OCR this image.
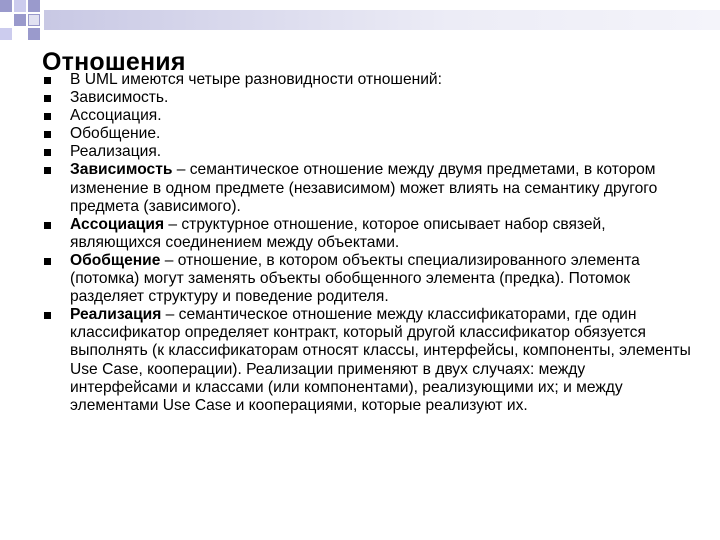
Отношения
В UML имеются четыре разновидности отношений:
Зависимость.
Ассоциация.
Обобщение.
Реализация.
Зависимость – семантическое отношение между двумя предметами, в котором изменение в одном предмете (независимом) может влиять на семантику другого предмета (зависимого).
Ассоциация – структурное отношение, которое описывает набор связей, являющихся соединением между объектами.
Обобщение – отношение, в котором объекты специализированного элемента (потомка) могут заменять объекты обобщенного элемента (предка). Потомок разделяет структуру и поведение родителя.
Реализация – семантическое отношение между классификаторами, где один классификатор определяет контракт, который другой классификатор обязуется выполнять (к классификаторам относят классы, интерфейсы, компоненты, элементы Use Case, кооперации). Реализации применяют в двух случаях: между интерфейсами и классами (или компонентами), реализующими их; и между элементами Use Case и кооперациями, которые реализуют их.
